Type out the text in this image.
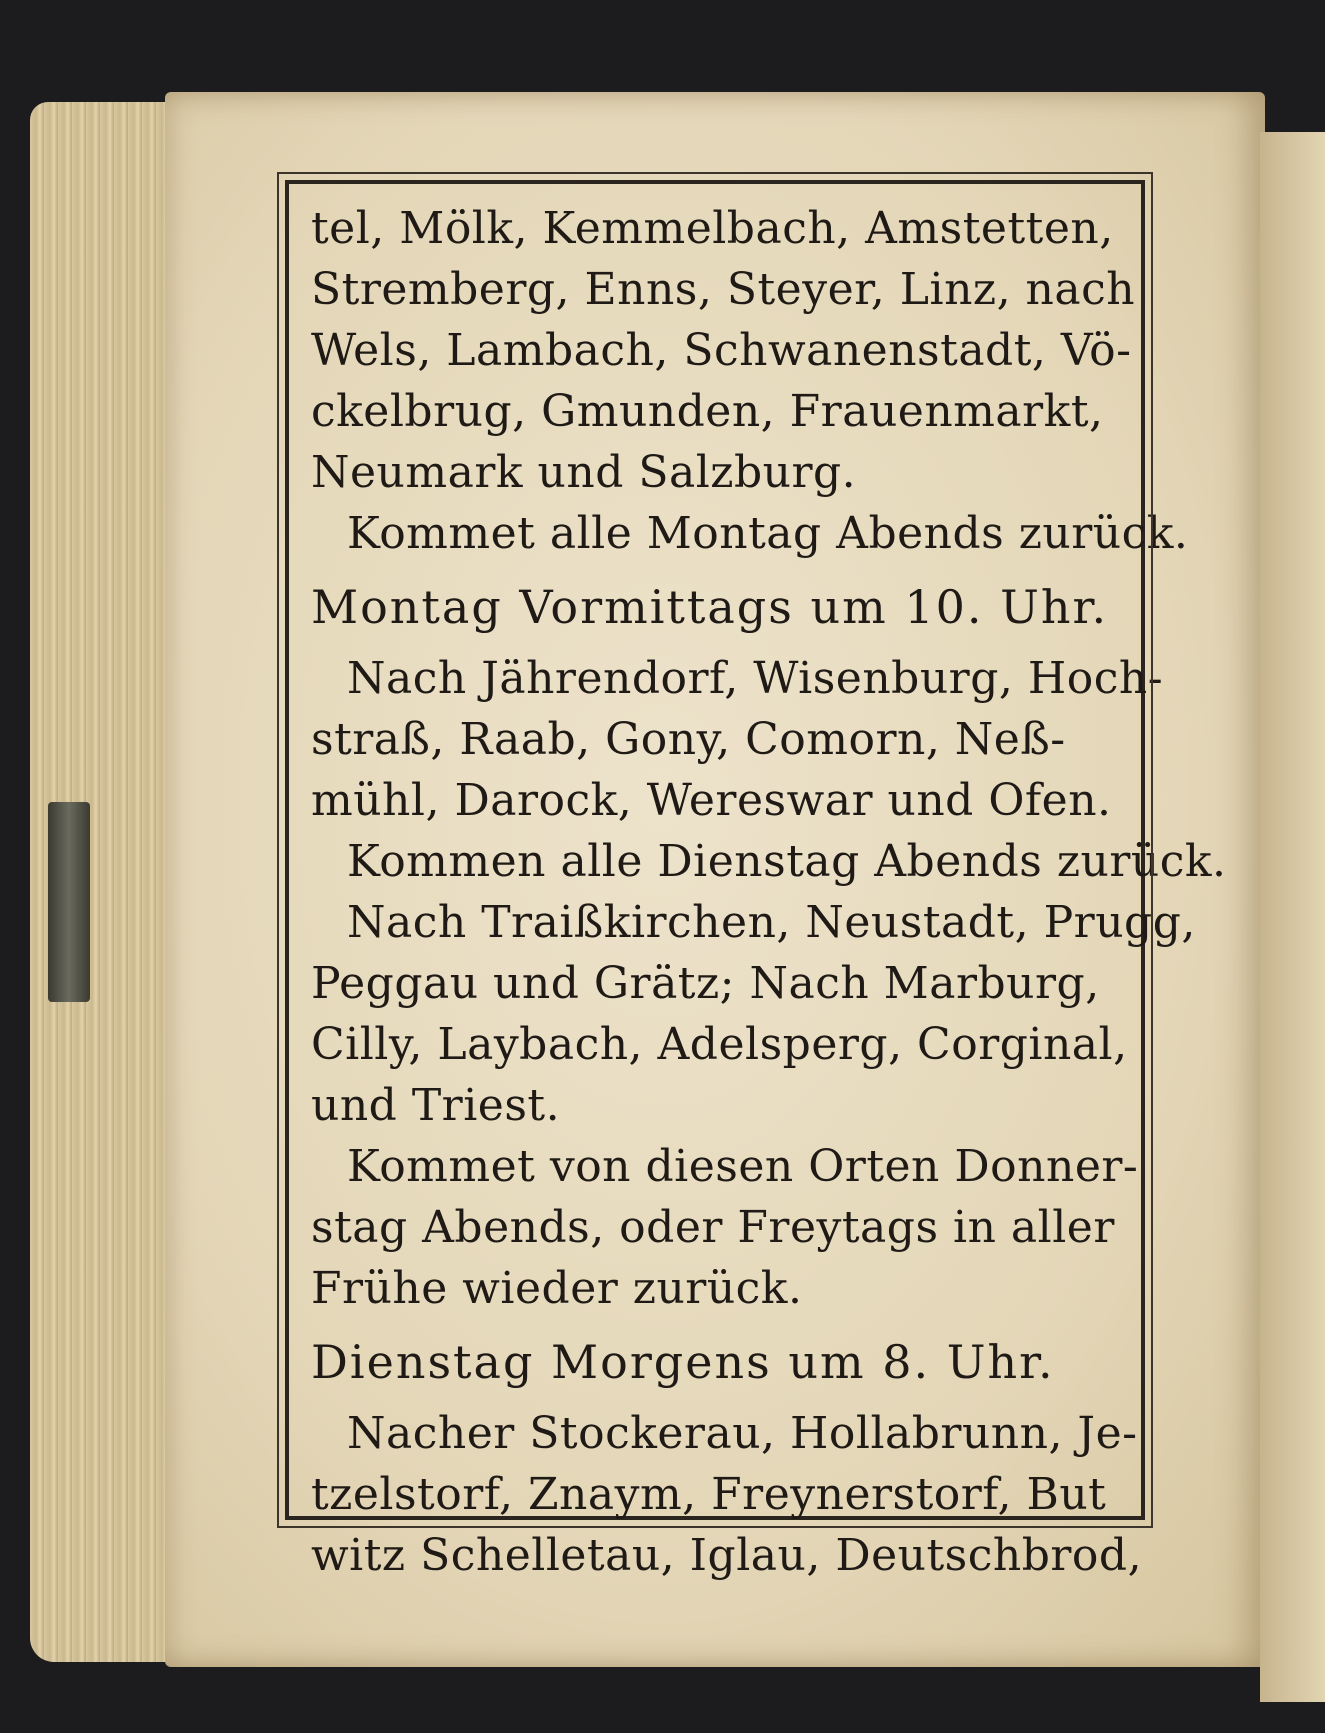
tel, Mölk, Kemmelbach, Amstetten,

Stremberg, Enns, Steyer, Linz, nach

Wels, Lambach, Schwanenstadt, Vö-

ckelbrug, Gmunden, Frauenmarkt,

Neumark und Salzburg.

Kommet alle Montag Abends zurück.

Montag Vormittags um 10. Uhr.

Nach Jährendorf, Wisenburg, Hoch-

straß, Raab, Gony, Comorn, Neß-

mühl, Darock, Wereswar und Ofen.

Kommen alle Dienstag Abends zurück.

Nach Traißkirchen, Neustadt, Prugg,

Peggau und Grätz; Nach Marburg,

Cilly, Laybach, Adelsperg, Corginal,

und Triest.

Kommet von diesen Orten Donner-

stag Abends, oder Freytags in aller

Frühe wieder zurück.

Dienstag Morgens um 8. Uhr.

Nacher Stockerau, Hollabrunn, Je-

tzelstorf, Znaym, Freynerstorf, But

witz Schelletau, Iglau, Deutschbrod,
